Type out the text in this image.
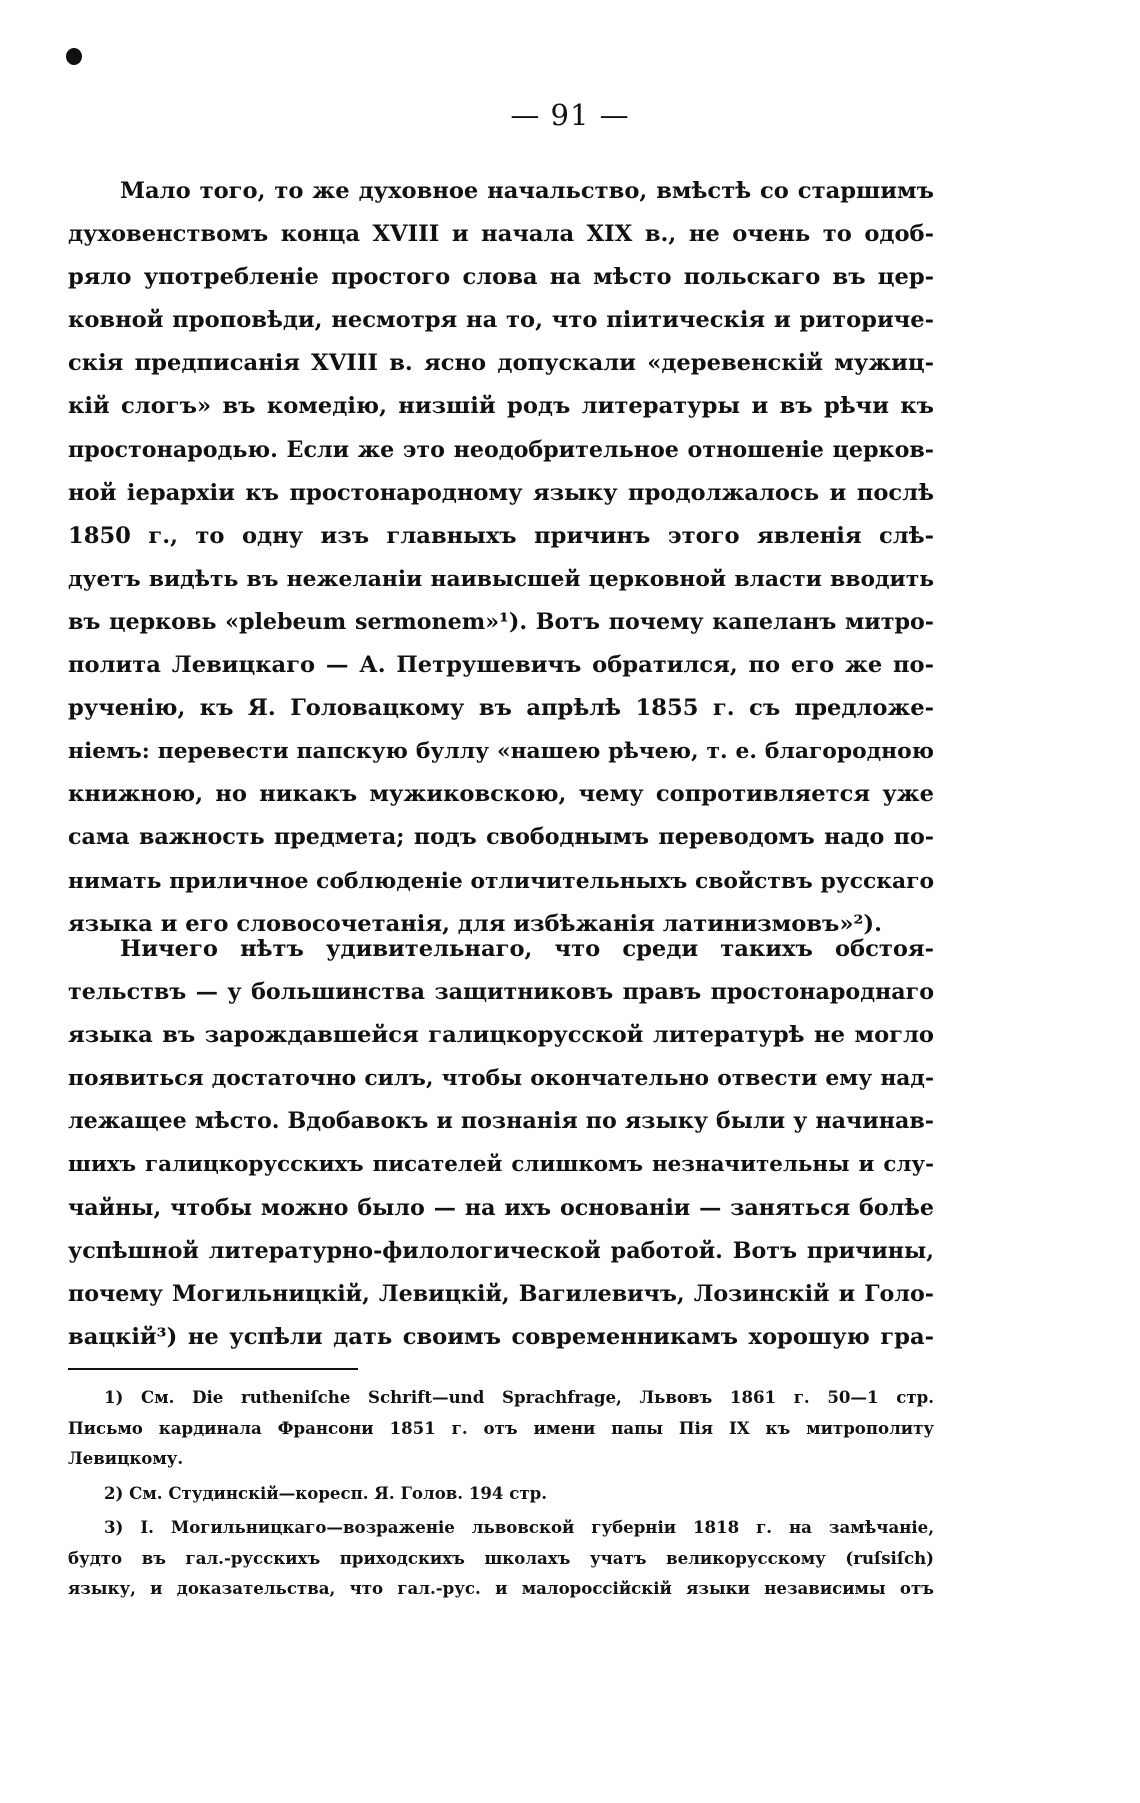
— 91 —
Мало того, то же духовное начальство, вмѣстѣ со старшимъ
духовенствомъ конца XVIII и начала XIX в., не очень то одоб-
ряло употребленіе простого слова на мѣсто польскаго въ цер-
ковной проповѣди, несмотря на то, что піитическія и риториче-
скія предписанія XVIII в. ясно допускали «деревенскій мужиц-
кій слогъ» въ комедію, низшій родъ литературы и въ рѣчи къ
простонародью. Если же это неодобрительное отношеніе церков-
ной іерархіи къ простонародному языку продолжалось и послѣ
1850 г., то одну изъ главныхъ причинъ этого явленія слѣ-
дуетъ видѣть въ нежеланіи наивысшей церковной власти вводить
въ церковь «plebeum sermonem»¹). Вотъ почему капеланъ митро-
полита Левицкаго — А. Петрушевичъ обратился, по его же по-
рученію, къ Я. Головацкому въ апрѣлѣ 1855 г. съ предложе-
ніемъ: перевести папскую буллу «нашею рѣчею, т. е. благородною
книжною, но никакъ мужиковскою, чему сопротивляется уже
сама важность предмета; подъ свободнымъ переводомъ надо по-
нимать приличное соблюденіе отличительныхъ свойствъ русскаго
языка и его словосочетанія, для избѣжанія латинизмовъ»²).
Ничего нѣтъ удивительнаго, что среди такихъ обстоя-
тельствъ — у большинства защитниковъ правъ простонароднаго
языка въ зарождавшейся галицкорусской литературѣ не могло
появиться достаточно силъ, чтобы окончательно отвести ему над-
лежащее мѣсто. Вдобавокъ и познанія по языку были у начинав-
шихъ галицкорусскихъ писателей слишкомъ незначительны и слу-
чайны, чтобы можно было — на ихъ основаніи — заняться болѣе
успѣшной литературно-филологической работой. Вотъ причины,
почему Могильницкій, Левицкій, Вагилевичъ, Лозинскій и Голо-
вацкій³) не успѣли дать своимъ современникамъ хорошую гра-
1) См. Die rutheniſche Schrift—und Sprachfrage, Львовъ 1861 г. 50—1 стр.
Письмо кардинала Франсони 1851 г. отъ имени папы Пія IX къ митрополиту
Левицкому.
2) См. Студинскій—кореcп. Я. Голов. 194 стр.
3) І. Могильницкаго—возраженіе львовской губерніи 1818 г. на замѣчаніе,
будто въ гал.-русскихъ приходскихъ школахъ учатъ великорусскому (ruſsiſch)
языку, и доказательства, что гал.-рус. и малороссійскій языки независимы отъ
